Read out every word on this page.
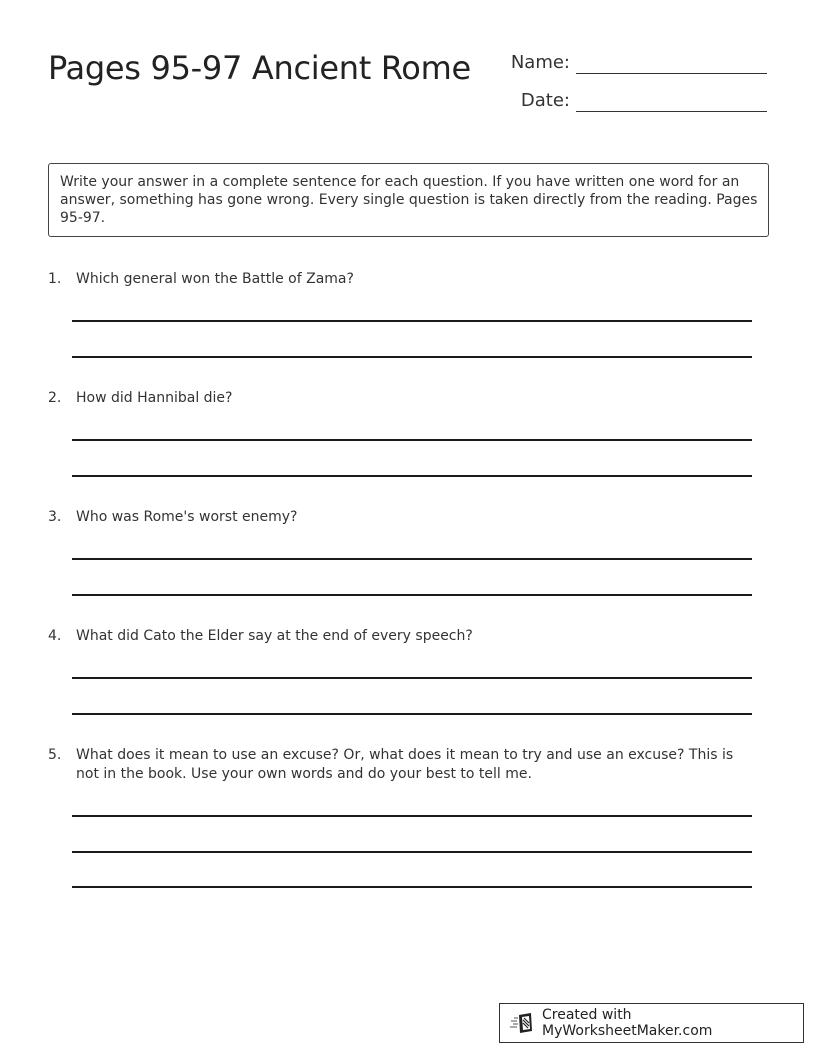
Pages 95-97 Ancient Rome	Name:
Date:
Write your answer in a complete sentence for each question. If you have written one word for an answer, something has gone wrong. Every single question is taken directly from the reading. Pages 95-97.
1.	Which general won the Battle of Zama?
2.	How did Hannibal die?
3.	Who was Rome's worst enemy?
4.	What did Cato the Elder say at the end of every speech?
5.	What does it mean to use an excuse? Or, what does it mean to try and use an excuse? This is not in the book. Use your own words and do your best to tell me.
Created with MyWorksheetMaker.com
